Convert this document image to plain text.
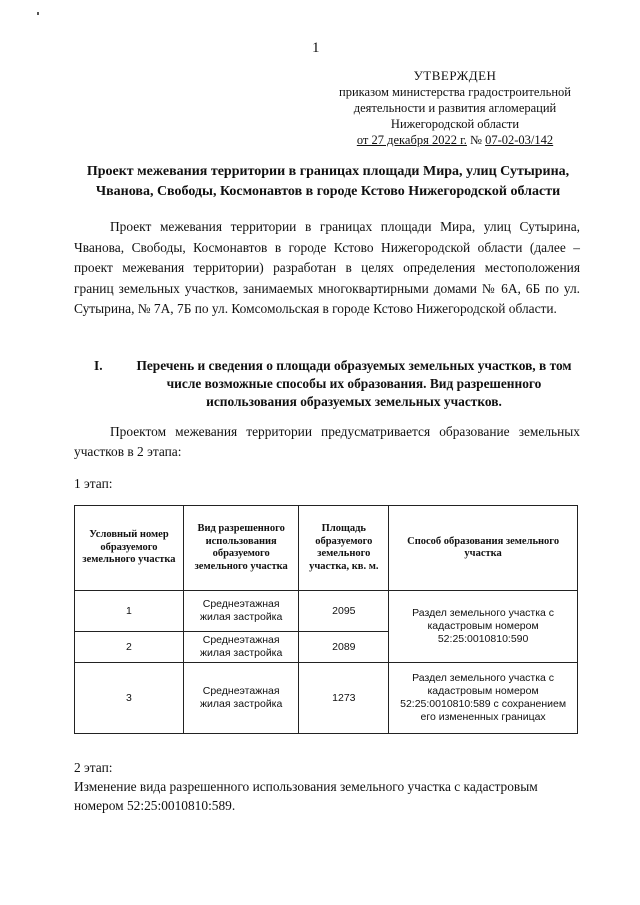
1
УТВЕРЖДЕН
приказом министерства градостроительной
деятельности и развития агломераций
Нижегородской области
от 27 декабря 2022 г. № 07-02-03/142
Проект межевания территории в границах площади Мира, улиц Сутырина, Чванова, Свободы, Космонавтов в городе Кстово Нижегородской области
Проект межевания территории в границах площади Мира, улиц Сутырина, Чванова, Свободы, Космонавтов в городе Кстово Нижегородской области (далее – проект межевания территории) разработан в целях определения местоположения границ земельных участков, занимаемых многоквартирными домами № 6А, 6Б по ул. Сутырина, № 7А, 7Б по ул. Комсомольская в городе Кстово Нижегородской области.
I.	Перечень и сведения о площади образуемых земельных участков, в том числе возможные способы их образования. Вид разрешенного использования образуемых земельных участков.
Проектом межевания территории предусматривается образование земельных участков в 2 этапа:
1 этап:
Условный номер образуемого земельного участка	Вид разрешенного использования образуемого земельного участка	Площадь образуемого земельного участка, кв. м.	Способ образования земельного участка
1	Среднеэтажная жилая застройка	2095	Раздел земельного участка с кадастровым номером 52:25:0010810:590
2	Среднеэтажная жилая застройка	2089	
3	Среднеэтажная жилая застройка	1273	Раздел земельного участка с кадастровым номером 52:25:0010810:589 с сохранением его измененных границах
2 этап:
Изменение вида разрешенного использования земельного участка с кадастровым номером 52:25:0010810:589.
